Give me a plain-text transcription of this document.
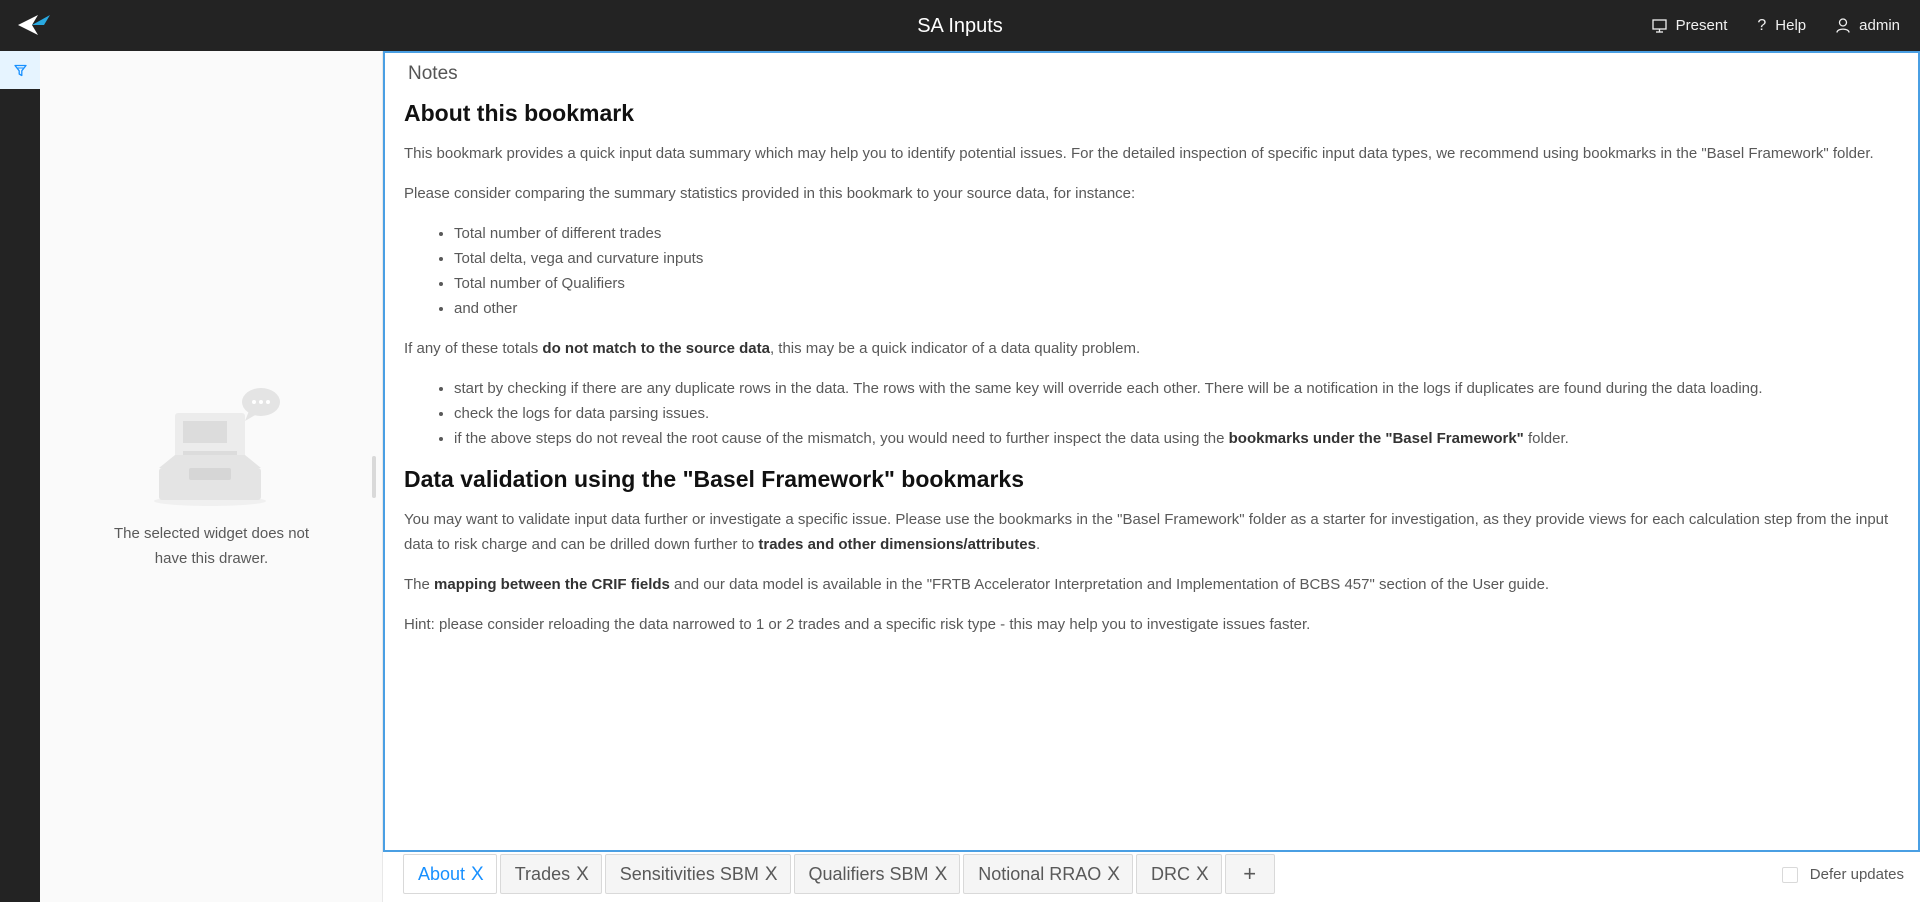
SA Inputs	Present ? Help	admin
The selected widget does not have this drawer.
Notes
About this bookmark

This bookmark provides a quick input data summary which may help you to identify potential issues. For the detailed inspection of specific input data types, we recommend using bookmarks in the "Basel Framework" folder.

Please consider comparing the summary statistics provided in this bookmark to your source data, for instance:

• Total number of different trades
• Total delta, vega and curvature inputs
• Total number of Qualifiers
• and other

If any of these totals do not match to the source data, this may be a quick indicator of a data quality problem.

• start by checking if there are any duplicate rows in the data. The rows with the same key will override each other. There will be a notification in the logs if duplicates are found during the data loading.
• check the logs for data parsing issues.
• if the above steps do not reveal the root cause of the mismatch, you would need to further inspect the data using the bookmarks under the "Basel Framework" folder.
Data validation using the "Basel Framework" bookmarks

You may want to validate input data further or investigate a specific issue. Please use the bookmarks in the "Basel Framework" folder as a starter for investigation, as they provide views for each calculation step from the input data to risk charge and can be drilled down further to trades and other dimensions/attributes.

The mapping between the CRIF fields and our data model is available in the "FRTB Accelerator Interpretation and Implementation of BCBS 457" section of the User guide.

Hint: please consider reloading the data narrowed to 1 or 2 trades and a specific risk type - this may help you to investigate issues faster.

About X Trades X Sensitivities SBM X Qualifiers SBM X Notional RRAO X DRC X +	Defer updates
